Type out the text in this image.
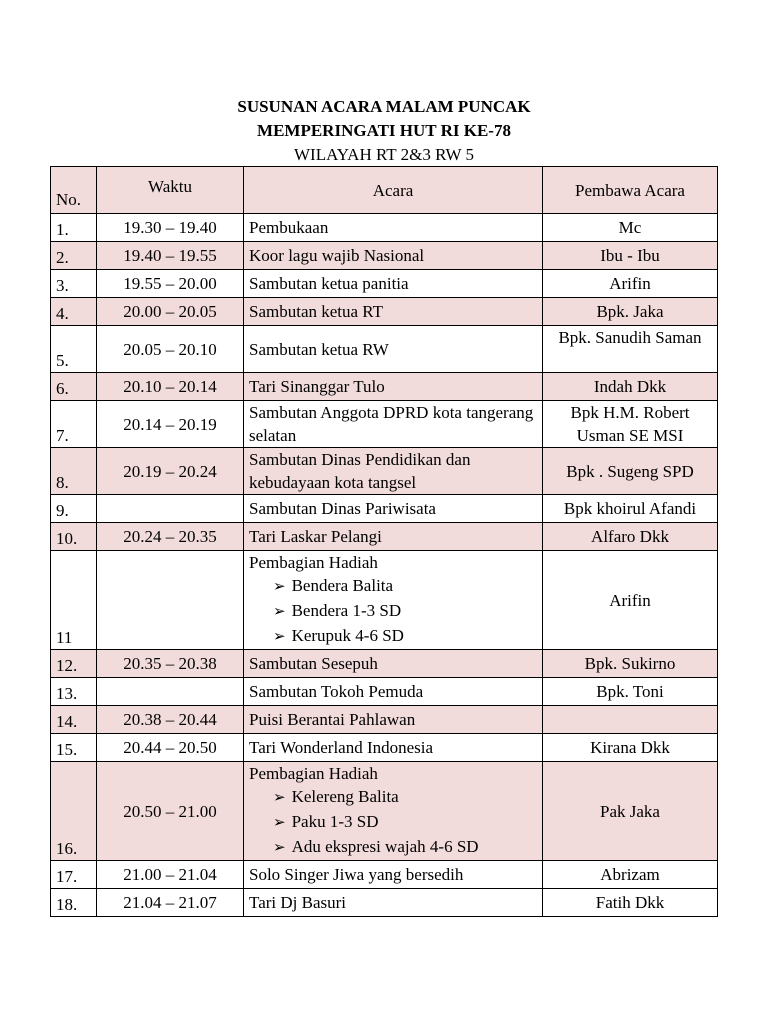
SUSUNAN ACARA MALAM PUNCAK
MEMPERINGATI HUT RI KE-78
WILAYAH RT 2&3 RW 5
No.	Waktu	Acara	Pembawa Acara
1.	19.30 – 19.40	Pembukaan	Mc
2.	19.40 – 19.55	Koor lagu wajib Nasional	Ibu - Ibu
3.	19.55 – 20.00	Sambutan ketua panitia	Arifin
4.	20.00 – 20.05	Sambutan ketua RT	Bpk. Jaka
5.	20.05 – 20.10	Sambutan ketua RW	Bpk. Sanudih Saman
6.	20.10 – 20.14	Tari Sinanggar Tulo	Indah Dkk
7.	20.14 – 20.19	Sambutan Anggota DPRD kota tangerang selatan	Bpk H.M. Robert Usman SE MSI
8.	20.19 – 20.24	Sambutan Dinas Pendidikan dan kebudayaan kota tangsel	Bpk . Sugeng SPD
9.		Sambutan Dinas Pariwisata	Bpk khoirul Afandi
10.	20.24 – 20.35	Tari Laskar Pelangi	Alfaro Dkk
11		Pembagian Hadiah
➢ Bendera Balita
➢ Bendera 1-3 SD
➢ Kerupuk 4-6 SD	Arifin
12.	20.35 – 20.38	Sambutan Sesepuh	Bpk. Sukirno
13.		Sambutan Tokoh Pemuda	Bpk. Toni
14.	20.38 – 20.44	Puisi Berantai Pahlawan	
15.	20.44 – 20.50	Tari Wonderland Indonesia	Kirana Dkk
16.	20.50 – 21.00	Pembagian Hadiah
➢ Kelereng Balita
➢ Paku 1-3 SD
➢ Adu ekspresi wajah 4-6 SD	Pak Jaka
17.	21.00 – 21.04	Solo Singer Jiwa yang bersedih	Abrizam
18.	21.04 – 21.07	Tari Dj Basuri	Fatih Dkk
